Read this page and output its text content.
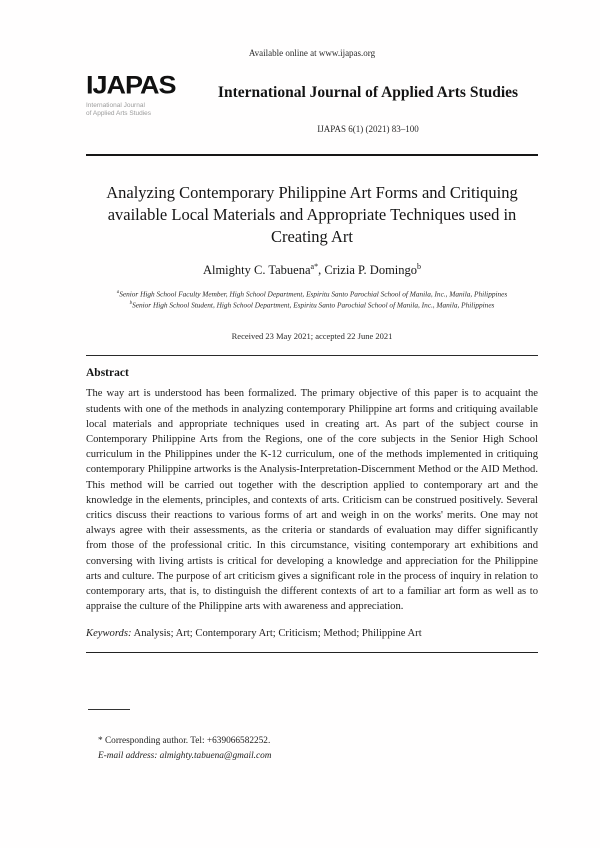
Available online at www.ijapas.org
IJAPAS
International Journal
of Applied Arts Studies
International Journal of Applied Arts Studies
IJAPAS 6(1) (2021) 83–100
Analyzing Contemporary Philippine Art Forms and Critiquing available Local Materials and Appropriate Techniques used in Creating Art
Almighty C. Tabuena$^{a*}$, Crizia P. Domingo$^b$
$^a$Senior High School Faculty Member, High School Department, Espiritu Santo Parochial School of Manila, Inc., Manila, Philippines
$^b$Senior High School Student, High School Department, Espiritu Santo Parochial School of Manila, Inc., Manila, Philippines
Received 23 May 2021; accepted 22 June 2021
Abstract
The way art is understood has been formalized. The primary objective of this paper is to acquaint the students with one of the methods in analyzing contemporary Philippine art forms and critiquing available local materials and appropriate techniques used in creating art. As part of the subject course in Contemporary Philippine Arts from the Regions, one of the core subjects in the Senior High School curriculum in the Philippines under the K-12 curriculum, one of the methods implemented in critiquing contemporary Philippine artworks is the Analysis-Interpretation-Discernment Method or the AID Method. This method will be carried out together with the description applied to contemporary art and the knowledge in the elements, principles, and contexts of arts. Criticism can be construed positively. Several critics discuss their reactions to various forms of art and weigh in on the works' merits. One may not always agree with their assessments, as the criteria or standards of evaluation may differ significantly from those of the professional critic. In this circumstance, visiting contemporary art exhibitions and conversing with living artists is critical for developing a knowledge and appreciation for the Philippine arts and culture. The purpose of art criticism gives a significant role in the process of inquiry in relation to contemporary arts, that is, to distinguish the different contexts of art to a familiar art form as well as to appraise the culture of the Philippine arts with awareness and appreciation.
Keywords: Analysis; Art; Contemporary Art; Criticism; Method; Philippine Art
* Corresponding author. Tel: +639066582252.
E-mail address: almighty.tabuena@gmail.com
